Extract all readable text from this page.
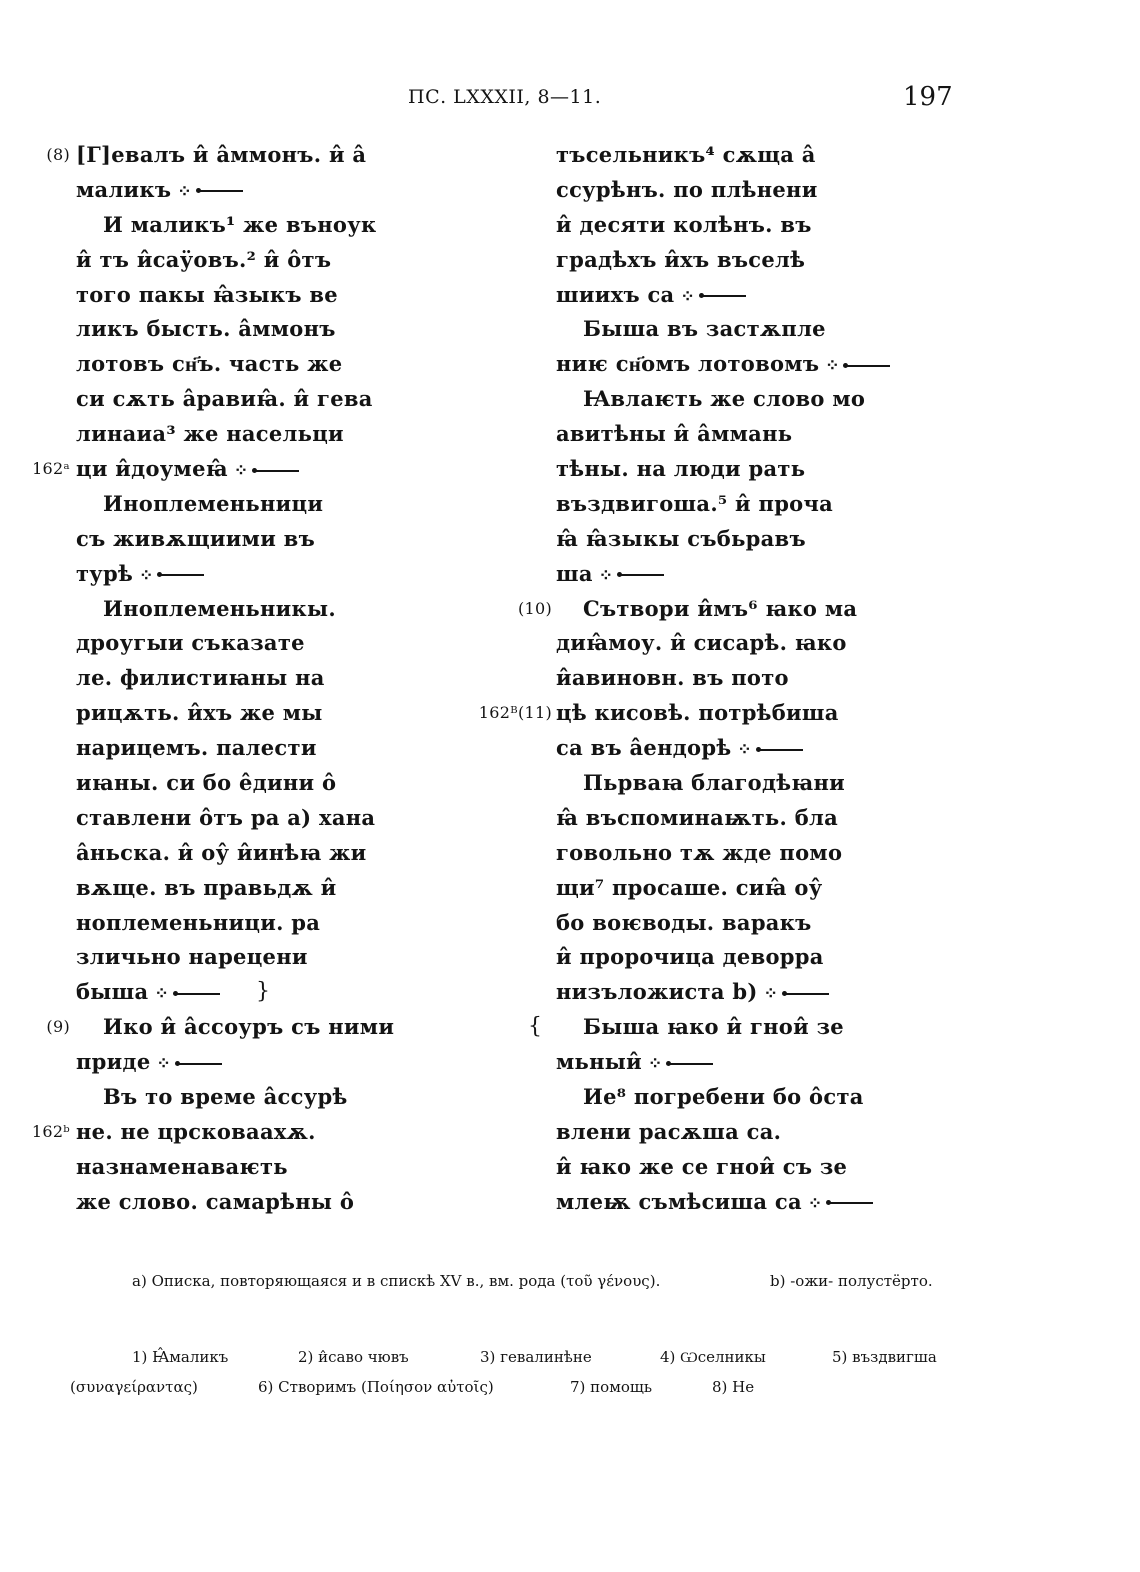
ПС. LXXXII, 8—11.	197
(8) [Г]евалъ и̂ а̂ммонъ. и̂ а̂
маликъ ⁘
И маликъ¹ же въноук
и̂ тъ и̂саӱовъ.² и̂ о̂тъ
того пакы ꙗ̂зыкъ ве
ликъ бысть. а̂ммонъ
лотовъ сн҃ъ. часть же
си сѫть а̂равиꙗ̂. и̂ гева
линаиа³ же насельци
162ᵃ ци и̂доумеꙗ̂ ⁘
Иноплеменьници
съ живѫщиими въ
турѣ ⁘
Иноплеменьникы.
дроугыи съказате
ле. филистиꙗны на
рицѫть. и̂хъ же мы
нарицемъ. палести
иꙗны. си бо е̂дини о̂
ставлени о̂тъ ра a) хана
а̂ньска. и̂ оу̂ и̂инѣꙗ жи
вѫще. въ правьдѫ и̂
ноплеменьници. ра
зличьно нарецени
}
быша ⁘
(9) Ико и̂ а̂ссоуръ съ ними
приде ⁘
Въ то време а̂ссурѣ
162ᵇ не. не црсковаахѫ.
назнаменаваѥть
же слово. самарѣны о̂
тъсельникъ⁴ сѫща а̂
ссурѣнъ. по плѣнени
и̂ десяти колѣнъ. въ
градѣхъ и̂хъ въселѣ
шиихъ са ⁘
Быша въ застѫпле
ниѥ сн҃омъ лотовомъ ⁘
Ꙗвлаѥть же слово мо
авитѣны и̂ а̂ммань
тѣны. на люди рать
въздвигоша.⁵ и̂ проча
ꙗ̂ ꙗ̂зыкы съб͏ьравъ
ша ⁘
(10) Сътвори и̂мъ⁶ ꙗко ма
диꙗ̂моу. и̂ сисарѣ. ꙗко
и̂авиновн. въ пото
162ᴮ(11) цѣ кисовѣ. потрѣбиша
са въ а̂ендорѣ ⁘
Пьрваꙗ благодѣꙗни
ꙗ̂ въспоминаѭть. бла
говольно тѫ жде помо
щи⁷ просаше. сиꙗ̂ оу̂
бо воѥводы. варакъ
и̂ пророчица деворра
низъложиста b) ⁘
{ Быша ꙗко и̂ гнои̂ зе
мьныи̂ ⁘
Ие⁸ погребени бо о̂ста
влени расѫша са.
и̂ ꙗко же се гнои̂ съ зе
млеѭ съмѣсиша са ⁘
a) Описка, повторяющаяся и в спискѣ XV в., вм. рода (τοῦ γένους).	b) -ожи- полустёрто.
1) Ꙗ̂маликъ	2) и̂саво чювъ	3) гевалинѣне	4) Ѡселникы	5) въздвигша
(συναγείραντας)	6) Створимъ (Ποίησον αὐτοῖς)	7) помощь	8) Не
